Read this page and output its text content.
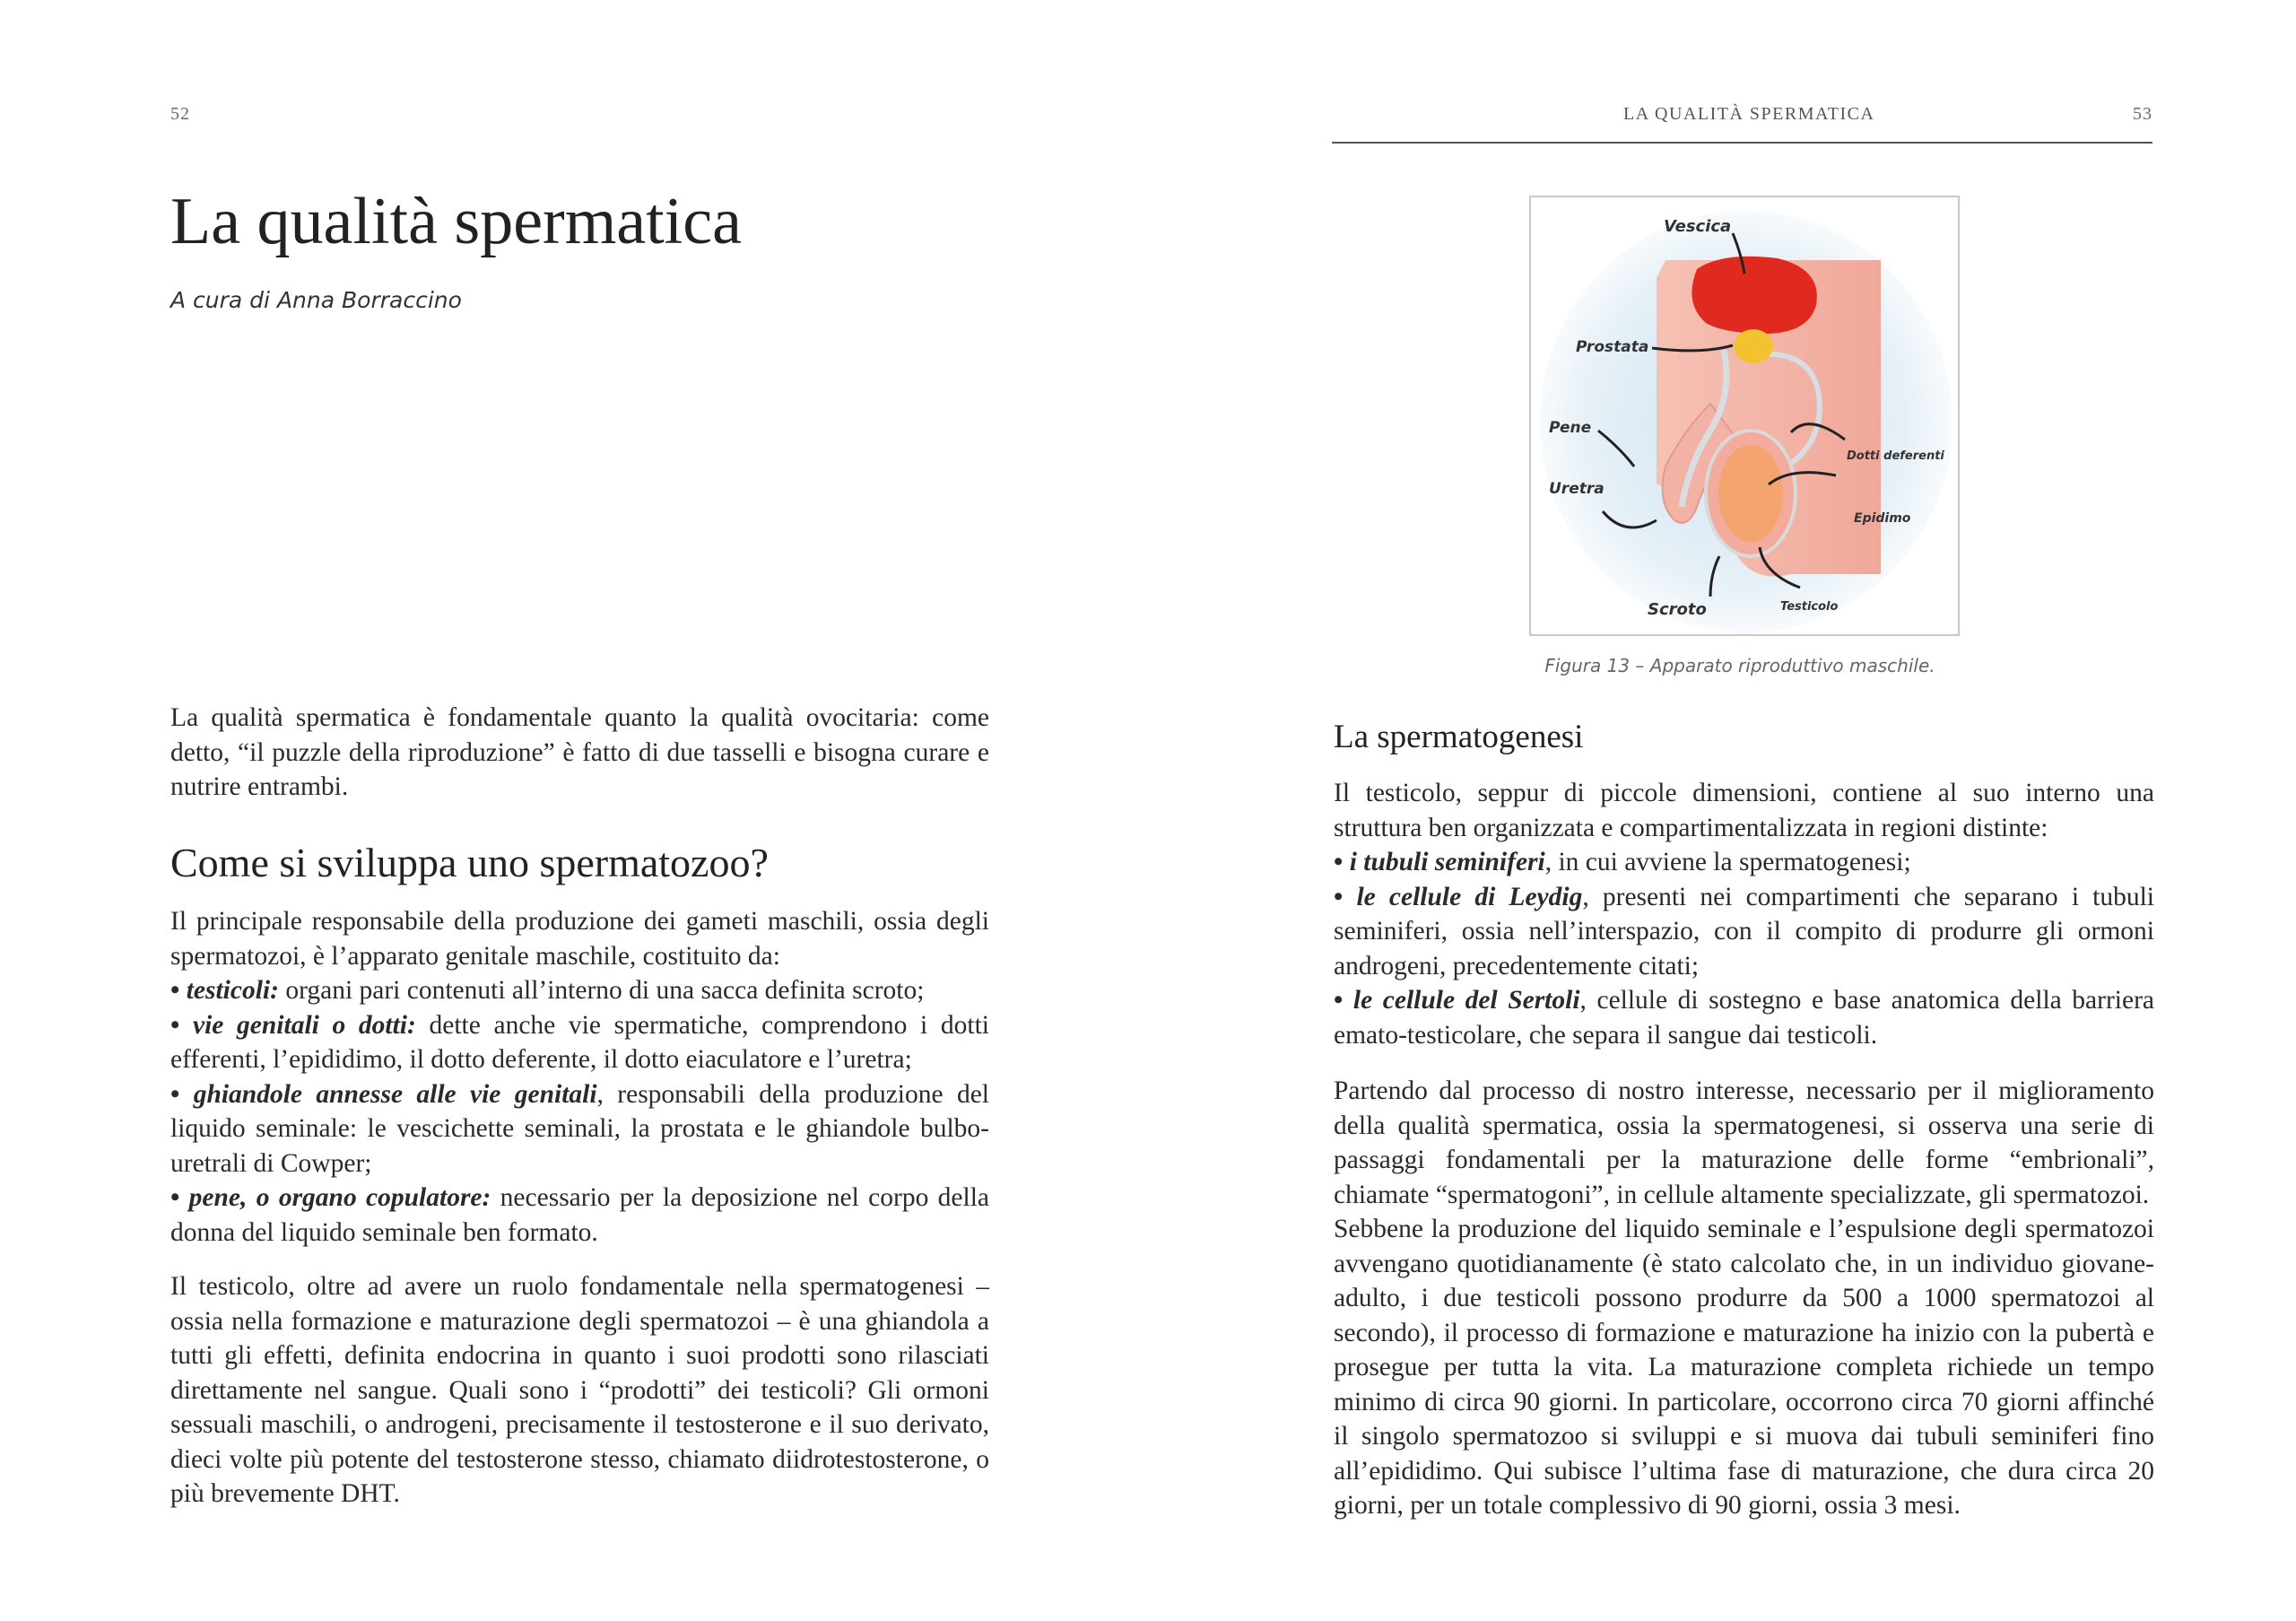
52
La qualità spermatica
A cura di Anna Borraccino

La qualità spermatica è fondamentale quanto la qualità ovocitaria: come detto, “il puzzle della riproduzione” è fatto di due tasselli e bisogna curare e nutrire entrambi.

Come si sviluppa uno spermatozoo?

Il principale responsabile della produzione dei gameti maschili, ossia degli spermatozoi, è l’apparato genitale maschile, costituito da:

• testicoli: organi pari contenuti all’interno di una sacca definita scroto;

• vie genitali o dotti: dette anche vie spermatiche, comprendono i dotti efferenti, l’epididimo, il dotto deferente, il dotto eiaculatore e l’uretra;

• ghiandole annesse alle vie genitali, responsabili della produzione del liquido seminale: le vescichette seminali, la prostata e le ghiandole bulbo-uretrali di Cowper;

• pene, o organo copulatore: necessario per la deposizione nel corpo della donna del liquido seminale ben formato.

Il testicolo, oltre ad avere un ruolo fondamentale nella spermatogenesi – ossia nella formazione e maturazione degli spermatozoi – è una ghiandola a tutti gli effetti, definita endocrina in quanto i suoi prodotti sono rilasciati direttamente nel sangue. Quali sono i “prodotti” dei testicoli? Gli ormoni sessuali maschili, o androgeni, precisamente il testosterone e il suo derivato, dieci volte più potente del testosterone stesso, chiamato diidrotestosterone, o più brevemente DHT.

LA QUALITÀ SPERMATICA	53
Vescica
Prostata
Pene
Uretra
Dotti deferenti
Epidimo
Scroto	Testicolo
Figura 13 – Apparato riproduttivo maschile.
La spermatogenesi

Il testicolo, seppur di piccole dimensioni, contiene al suo interno una struttura ben organizzata e compartimentalizzata in regioni distinte:

• i tubuli seminiferi, in cui avviene la spermatogenesi;

• le cellule di Leydig, presenti nei compartimenti che separano i tubuli seminiferi, ossia nell’interspazio, con il compito di produrre gli ormoni androgeni, precedentemente citati;

• le cellule del Sertoli, cellule di sostegno e base anatomica della barriera emato-testicolare, che separa il sangue dai testicoli.

Partendo dal processo di nostro interesse, necessario per il miglioramento della qualità spermatica, ossia la spermatogenesi, si osserva una serie di passaggi fondamentali per la maturazione delle forme “embrionali”, chiamate “spermatogoni”, in cellule altamente specializzate, gli spermatozoi.

Sebbene la produzione del liquido seminale e l’espulsione degli spermatozoi avvengano quotidianamente (è stato calcolato che, in un individuo giovane-adulto, i due testicoli possono produrre da 500 a 1000 spermatozoi al secondo), il processo di formazione e maturazione ha inizio con la pubertà e prosegue per tutta la vita. La maturazione completa richiede un tempo minimo di circa 90 giorni. In particolare, occorrono circa 70 giorni affinché il singolo spermatozoo si sviluppi e si muova dai tubuli seminiferi fino all’epididimo. Qui subisce l’ultima fase di maturazione, che dura circa 20 giorni, per un totale complessivo di 90 giorni, ossia 3 mesi.
